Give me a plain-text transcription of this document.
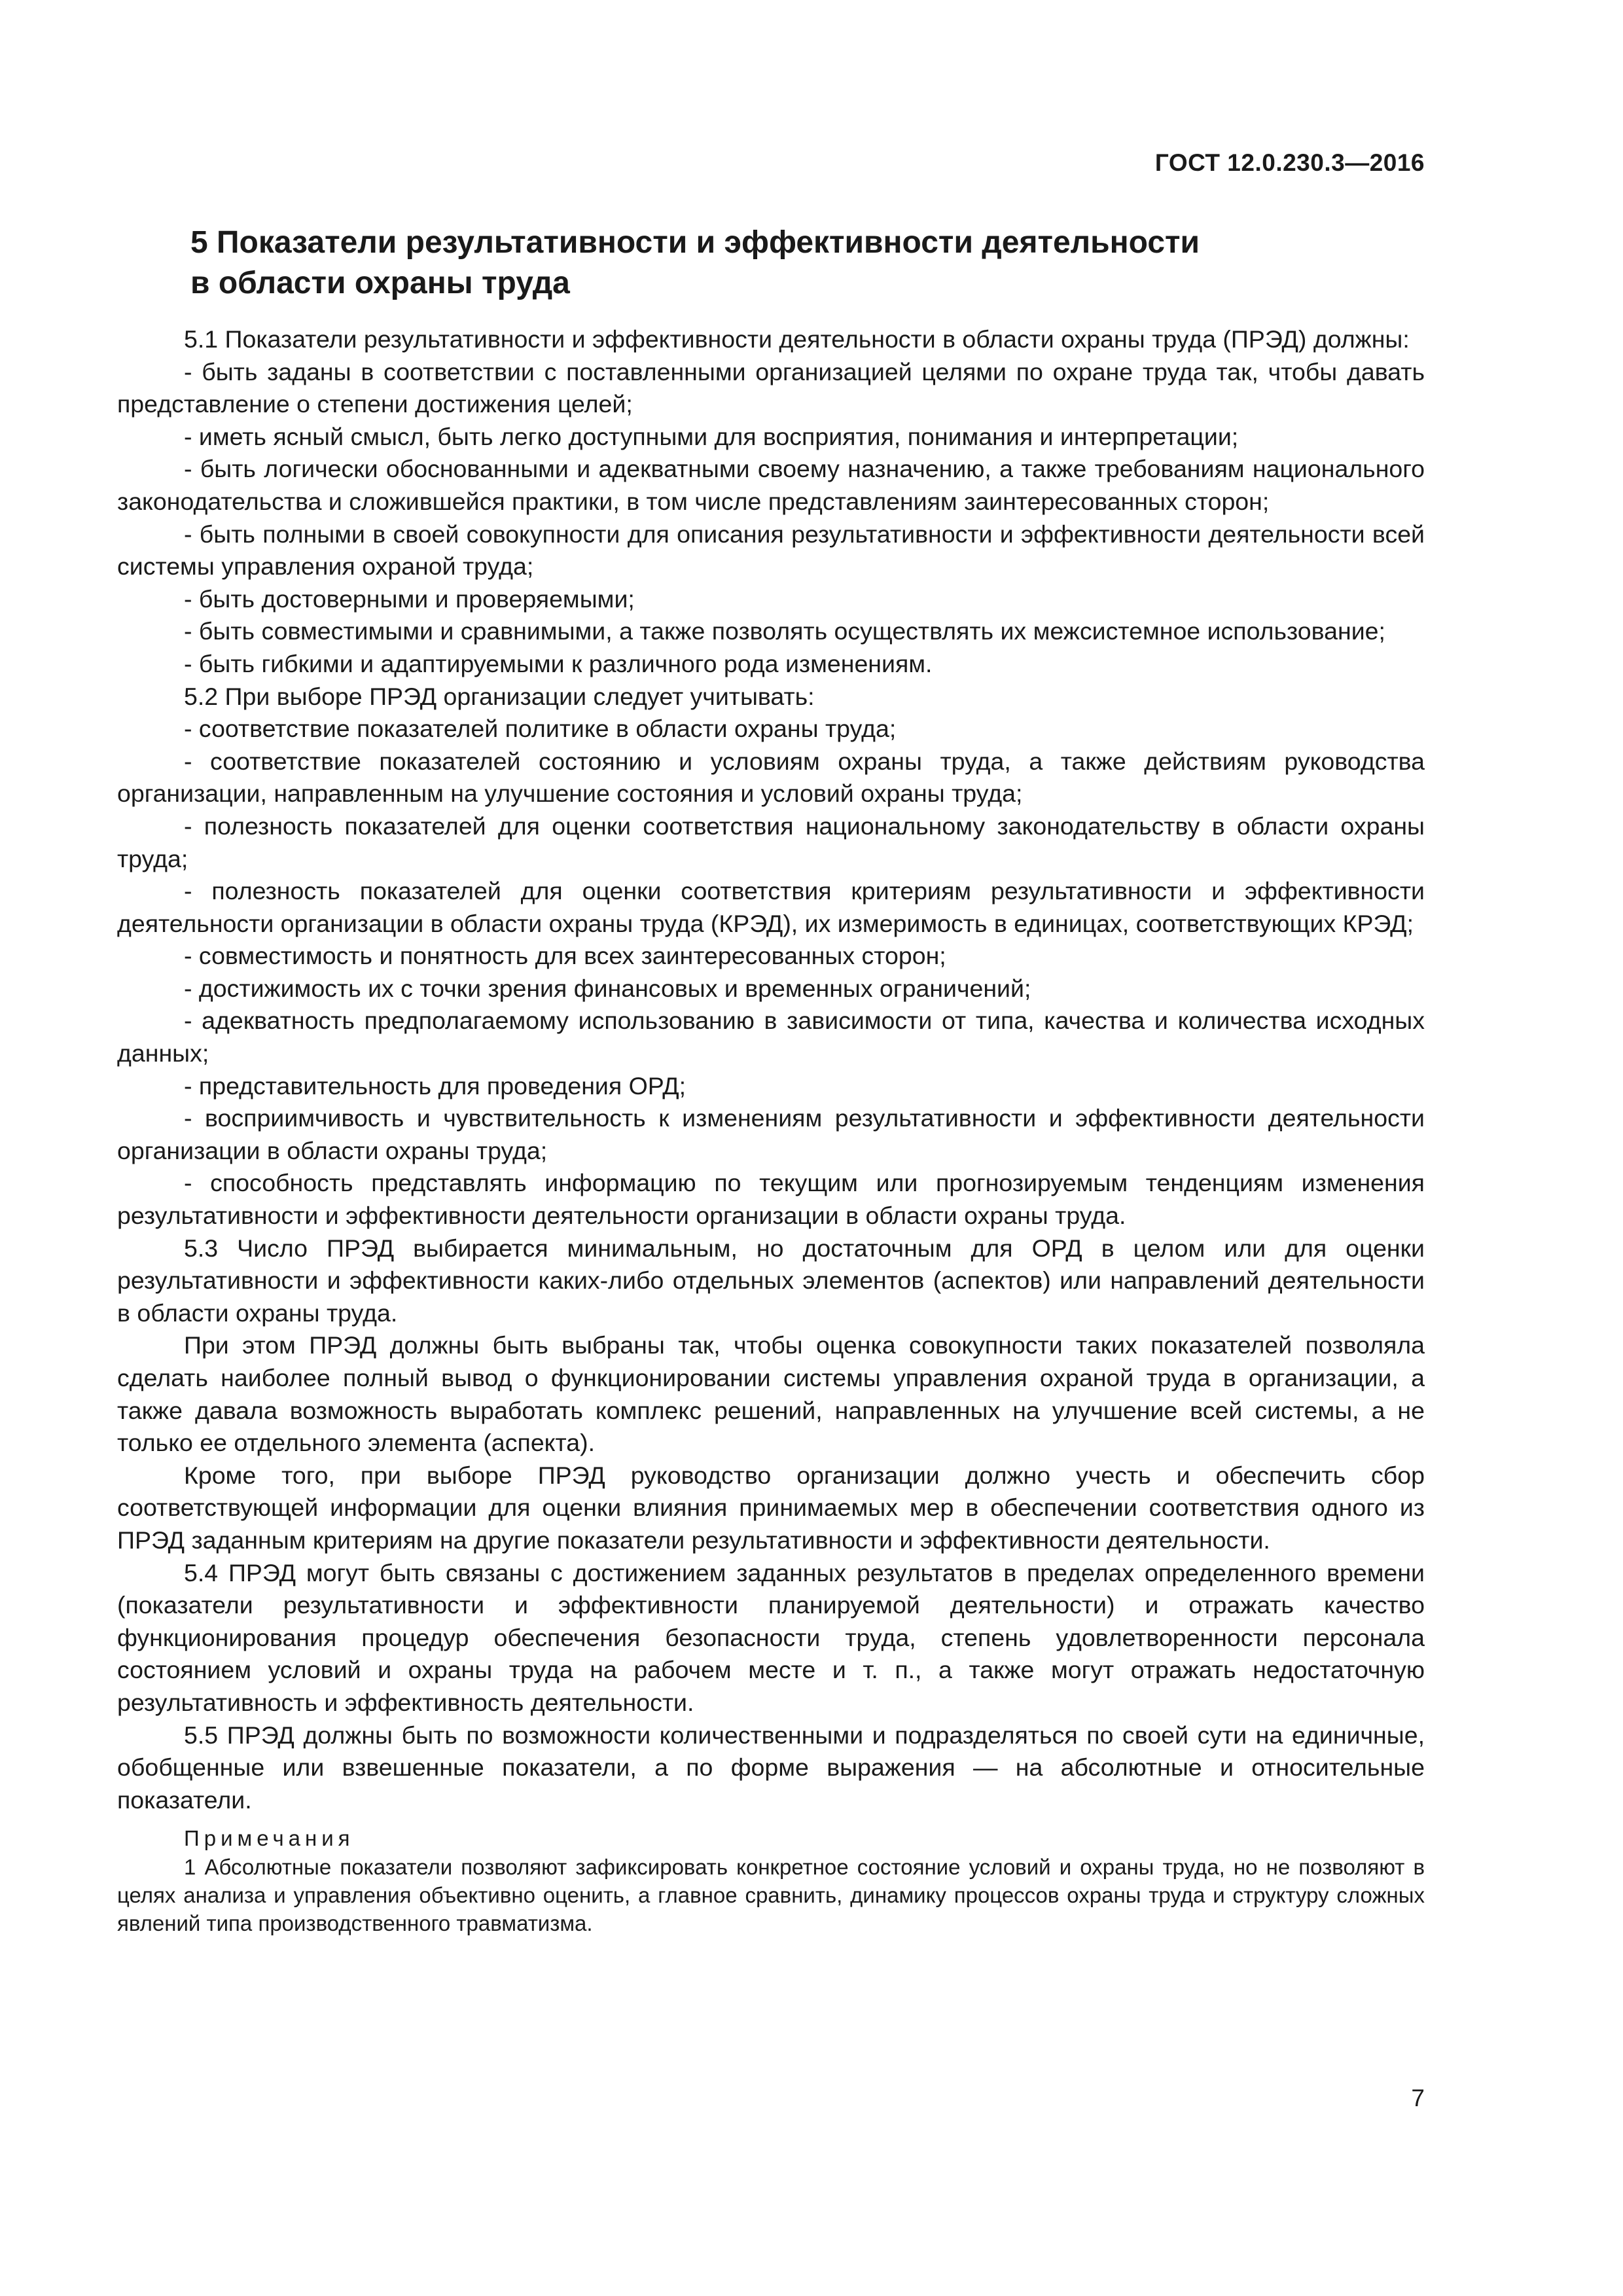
ГОСТ 12.0.230.3—2016
5 Показатели результативности и эффективности деятельности
в области охраны труда

5.1 Показатели результативности и эффективности деятельности в области охраны труда (ПРЭД) должны:

- быть заданы в соответствии с поставленными организацией целями по охране труда так, чтобы давать представление о степени достижения целей;

- иметь ясный смысл, быть легко доступными для восприятия, понимания и интерпретации;

- быть логически обоснованными и адекватными своему назначению, а также требованиям национального законодательства и сложившейся практики, в том числе представлениям заинтересованных сторон;

- быть полными в своей совокупности для описания результативности и эффективности деятельности всей системы управления охраной труда;

- быть достоверными и проверяемыми;

- быть совместимыми и сравнимыми, а также позволять осуществлять их межсистемное использование;

- быть гибкими и адаптируемыми к различного рода изменениям.

5.2 При выборе ПРЭД организации следует учитывать:

- соответствие показателей политике в области охраны труда;

- соответствие показателей состоянию и условиям охраны труда, а также действиям руководства организации, направленным на улучшение состояния и условий охраны труда;

- полезность показателей для оценки соответствия национальному законодательству в области охраны труда;

- полезность показателей для оценки соответствия критериям результативности и эффективности деятельности организации в области охраны труда (КРЭД), их измеримость в единицах, соответствующих КРЭД;

- совместимость и понятность для всех заинтересованных сторон;

- достижимость их с точки зрения финансовых и временных ограничений;

- адекватность предполагаемому использованию в зависимости от типа, качества и количества исходных данных;

- представительность для проведения ОРД;

- восприимчивость и чувствительность к изменениям результативности и эффективности деятельности организации в области охраны труда;

- способность представлять информацию по текущим или прогнозируемым тенденциям изменения результативности и эффективности деятельности организации в области охраны труда.

5.3 Число ПРЭД выбирается минимальным, но достаточным для ОРД в целом или для оценки результативности и эффективности каких-либо отдельных элементов (аспектов) или направлений деятельности в области охраны труда.

При этом ПРЭД должны быть выбраны так, чтобы оценка совокупности таких показателей позволяла сделать наиболее полный вывод о функционировании системы управления охраной труда в организации, а также давала возможность выработать комплекс решений, направленных на улучшение всей системы, а не только ее отдельного элемента (аспекта).

Кроме того, при выборе ПРЭД руководство организации должно учесть и обеспечить сбор соответствующей информации для оценки влияния принимаемых мер в обеспечении соответствия одного из ПРЭД заданным критериям на другие показатели результативности и эффективности деятельности.

5.4 ПРЭД могут быть связаны с достижением заданных результатов в пределах определенного времени (показатели результативности и эффективности планируемой деятельности) и отражать качество функционирования процедур обеспечения безопасности труда, степень удовлетворенности персонала состоянием условий и охраны труда на рабочем месте и т. п., а также могут отражать недостаточную результативность и эффективность деятельности.

5.5 ПРЭД должны быть по возможности количественными и подразделяться по своей сути на единичные, обобщенные или взвешенные показатели, а по форме выражения — на абсолютные и относительные показатели.

Примечания

1 Абсолютные показатели позволяют зафиксировать конкретное состояние условий и охраны труда, но не позволяют в целях анализа и управления объективно оценить, а главное сравнить, динамику процессов охраны труда и структуру сложных явлений типа производственного травматизма.

7
